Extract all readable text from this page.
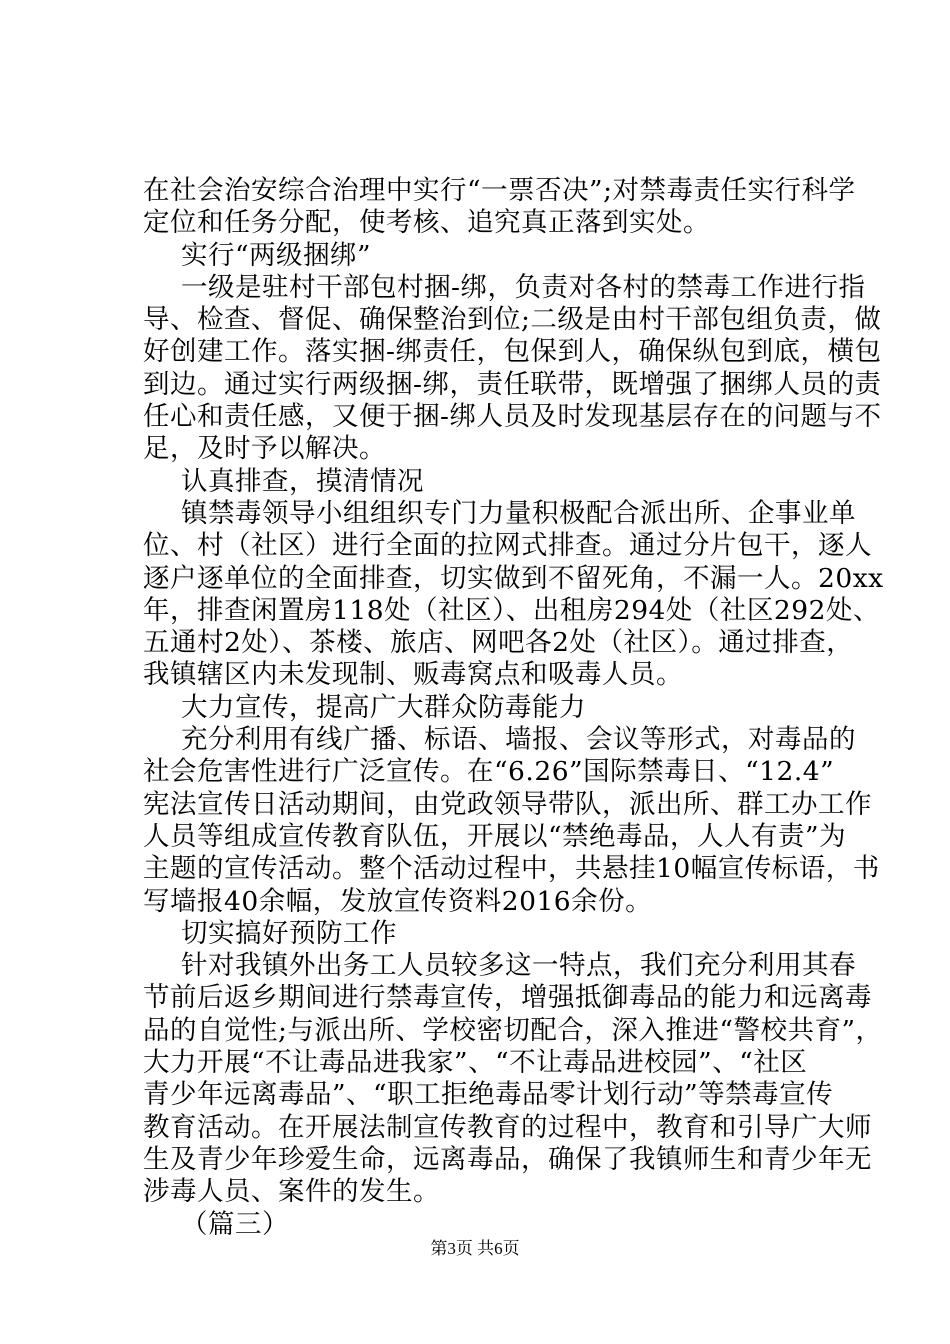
在社会治安综合治理中实行“一票否决”;对禁毒责任实行科学
定位和任务分配，使考核、追究真正落到实处。
实行“两级捆绑”
一级是驻村干部包村捆-绑，负责对各村的禁毒工作进行指
导、检查、督促、确保整治到位;二级是由村干部包组负责，做
好创建工作。落实捆-绑责任，包保到人，确保纵包到底，横包
到边。通过实行两级捆-绑，责任联带，既增强了捆绑人员的责
任心和责任感，又便于捆-绑人员及时发现基层存在的问题与不
足，及时予以解决。
认真排查，摸清情况
镇禁毒领导小组组织专门力量积极配合派出所、企事业单
位、村（社区）进行全面的拉网式排查。通过分片包干，逐人
逐户逐单位的全面排查，切实做到不留死角，不漏一人。20xx
年，排查闲置房118处（社区）、出租房294处（社区292处、
五通村2处）、茶楼、旅店、网吧各2处（社区）。通过排查，
我镇辖区内未发现制、贩毒窝点和吸毒人员。
大力宣传，提高广大群众防毒能力
充分利用有线广播、标语、墙报、会议等形式，对毒品的
社会危害性进行广泛宣传。在“6.26”国际禁毒日、“12.4”
宪法宣传日活动期间，由党政领导带队，派出所、群工办工作
人员等组成宣传教育队伍，开展以“禁绝毒品，人人有责”为
主题的宣传活动。整个活动过程中，共悬挂10幅宣传标语，书
写墙报40余幅，发放宣传资料2016余份。
切实搞好预防工作
针对我镇外出务工人员较多这一特点，我们充分利用其春
节前后返乡期间进行禁毒宣传，增强抵御毒品的能力和远离毒
品的自觉性;与派出所、学校密切配合，深入推进“警校共育”，
大力开展“不让毒品进我家”、“不让毒品进校园”、“社区
青少年远离毒品”、“职工拒绝毒品零计划行动”等禁毒宣传
教育活动。在开展法制宣传教育的过程中，教育和引导广大师
生及青少年珍爱生命，远离毒品，确保了我镇师生和青少年无
涉毒人员、案件的发生。
（篇三）
第3页 共6页
